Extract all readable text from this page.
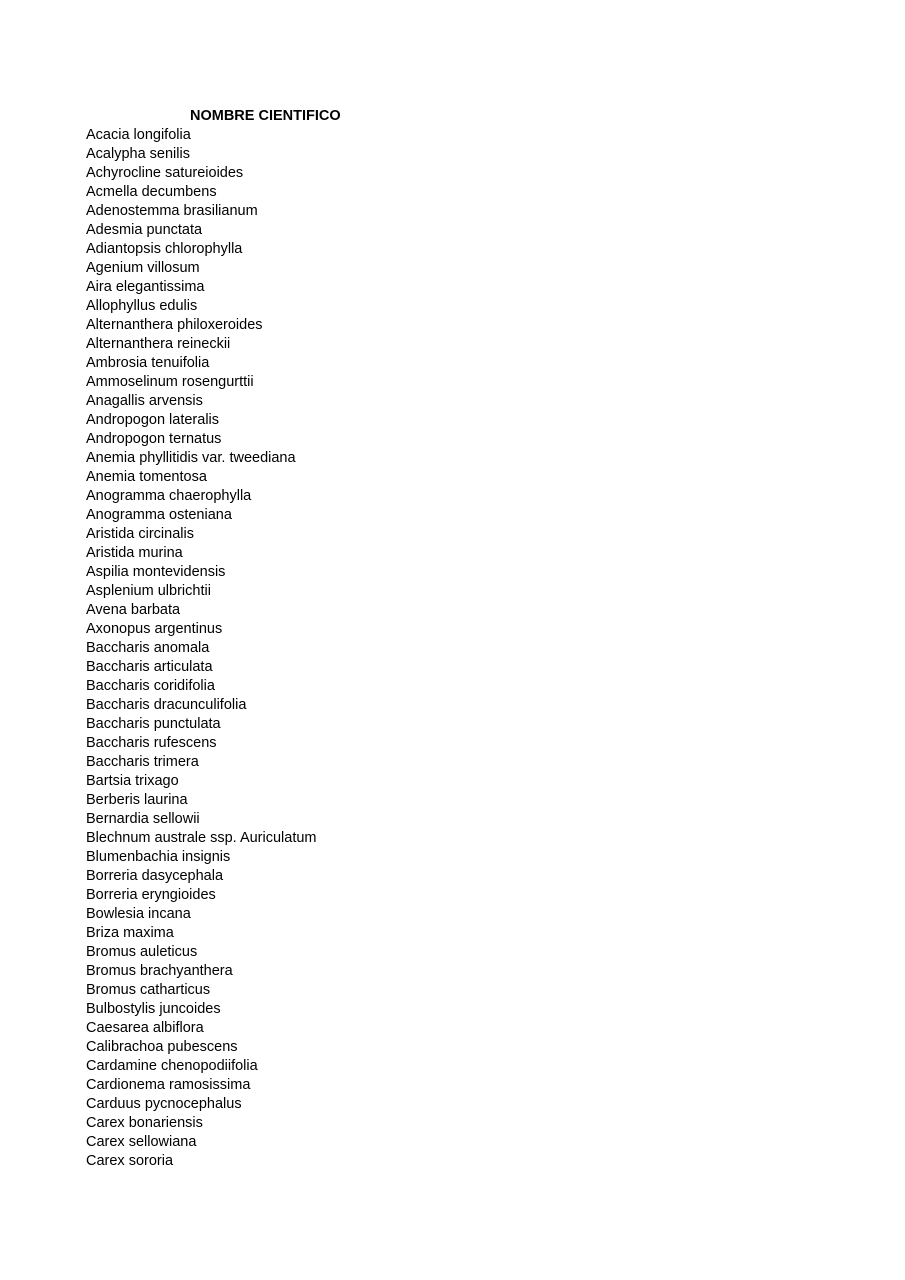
NOMBRE CIENTIFICO
Acacia longifolia
Acalypha senilis
Achyrocline satureioides
Acmella decumbens
Adenostemma brasilianum
Adesmia punctata
Adiantopsis chlorophylla
Agenium villosum
Aira elegantissima
Allophyllus edulis
Alternanthera philoxeroides
Alternanthera reineckii
Ambrosia tenuifolia
Ammoselinum rosengurttii
Anagallis arvensis
Andropogon lateralis
Andropogon ternatus
Anemia phyllitidis var. tweediana
Anemia tomentosa
Anogramma chaerophylla
Anogramma osteniana
Aristida circinalis
Aristida murina
Aspilia montevidensis
Asplenium ulbrichtii
Avena barbata
Axonopus argentinus
Baccharis anomala
Baccharis articulata
Baccharis coridifolia
Baccharis dracunculifolia
Baccharis punctulata
Baccharis rufescens
Baccharis trimera
Bartsia trixago
Berberis laurina
Bernardia sellowii
Blechnum australe ssp. Auriculatum
Blumenbachia insignis
Borreria dasycephala
Borreria eryngioides
Bowlesia incana
Briza maxima
Bromus auleticus
Bromus brachyanthera
Bromus catharticus
Bulbostylis juncoides
Caesarea albiflora
Calibrachoa pubescens
Cardamine chenopodiifolia
Cardionema ramosissima
Carduus pycnocephalus
Carex bonariensis
Carex sellowiana
Carex sororia
